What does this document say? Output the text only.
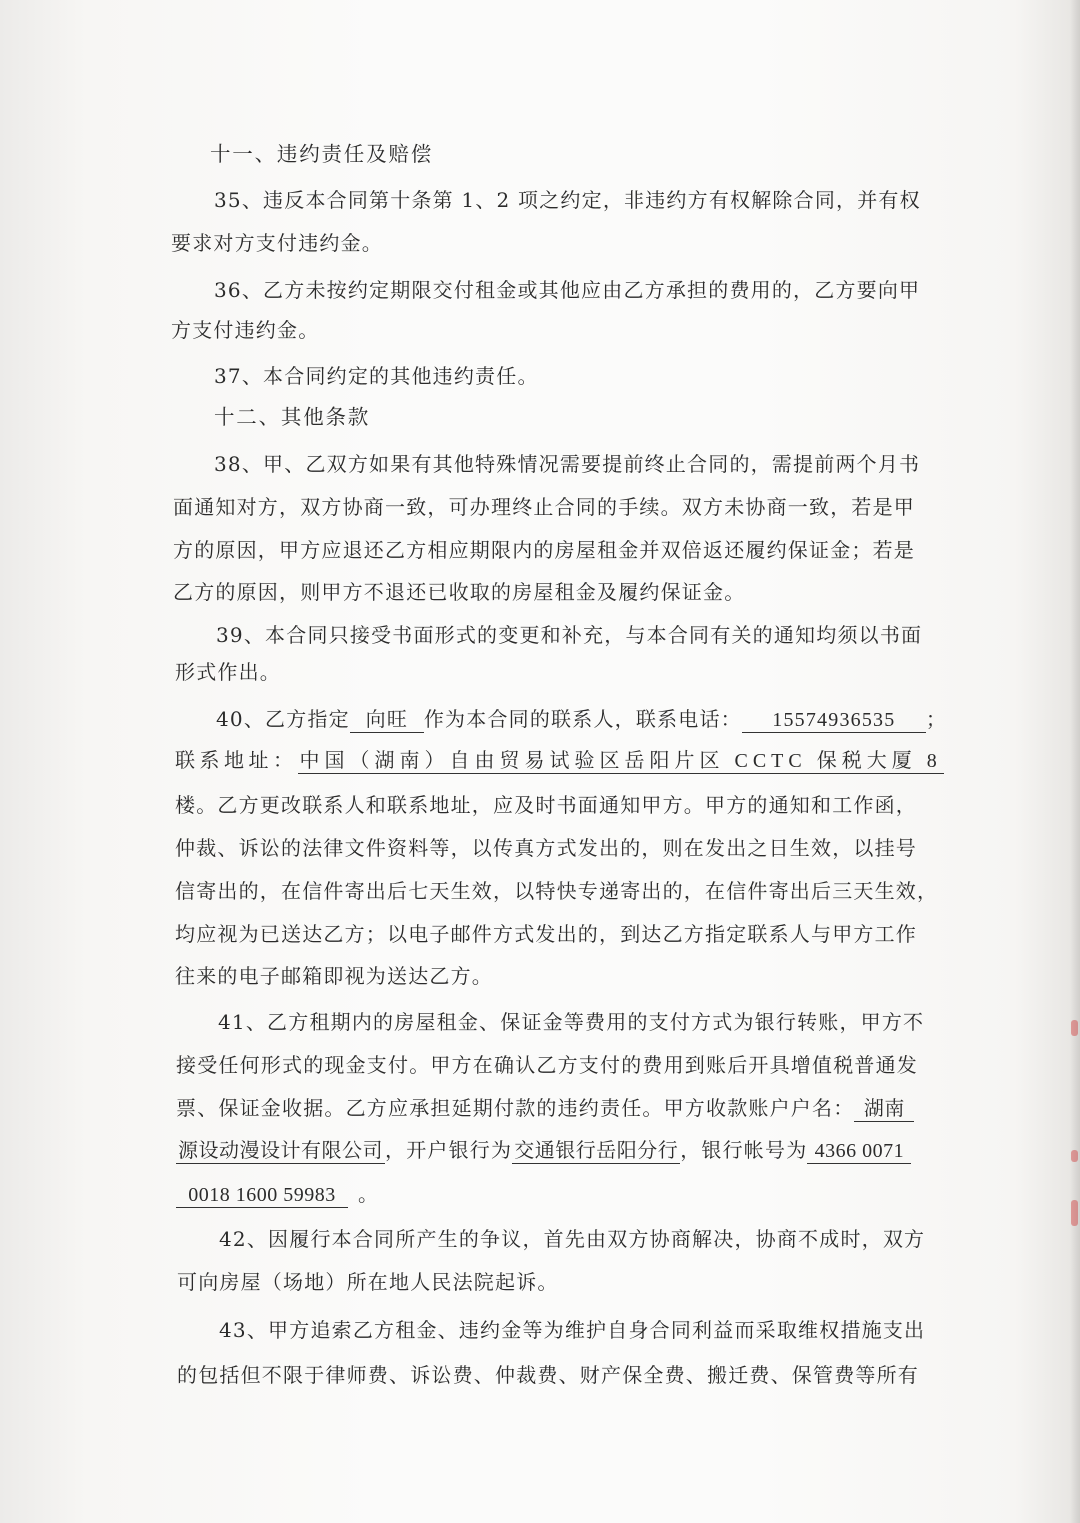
十一、违约责任及赔偿
35、违反本合同第十条第 1、2 项之约定，非违约方有权解除合同，并有权
要求对方支付违约金。
36、乙方未按约定期限交付租金或其他应由乙方承担的费用的，乙方要向甲
方支付违约金。
37、本合同约定的其他违约责任。
十二、其他条款
38、甲、乙双方如果有其他特殊情况需要提前终止合同的，需提前两个月书
面通知对方，双方协商一致，可办理终止合同的手续。双方未协商一致，若是甲
方的原因，甲方应退还乙方相应期限内的房屋租金并双倍返还履约保证金；若是
乙方的原因，则甲方不退还已收取的房屋租金及履约保证金。
39、本合同只接受书面形式的变更和补充，与本合同有关的通知均须以书面
形式作出。
40、乙方指定 向旺 作为本合同的联系人，联系电话： 15574936535 ；
联系地址： 中国（湖南）自由贸易试验区岳阳片区 CCTC 保税大厦 8
楼。乙方更改联系人和联系地址，应及时书面通知甲方。甲方的通知和工作函，
仲裁、诉讼的法律文件资料等，以传真方式发出的，则在发出之日生效，以挂号
信寄出的，在信件寄出后七天生效，以特快专递寄出的，在信件寄出后三天生效，
均应视为已送达乙方；以电子邮件方式发出的，到达乙方指定联系人与甲方工作
往来的电子邮箱即视为送达乙方。
41、乙方租期内的房屋租金、保证金等费用的支付方式为银行转账，甲方不
接受任何形式的现金支付。甲方在确认乙方支付的费用到账后开具增值税普通发
票、保证金收据。乙方应承担延期付款的违约责任。甲方收款账户户名： 湖南
源设动漫设计有限公司 ，开户银行为 交通银行岳阳分行 ，银行帐号为 4366 0071
0018 1600 59983 。
42、因履行本合同所产生的争议，首先由双方协商解决，协商不成时，双方
可向房屋（场地）所在地人民法院起诉。
43、甲方追索乙方租金、违约金等为维护自身合同利益而采取维权措施支出
的包括但不限于律师费、诉讼费、仲裁费、财产保全费、搬迁费、保管费等所有
